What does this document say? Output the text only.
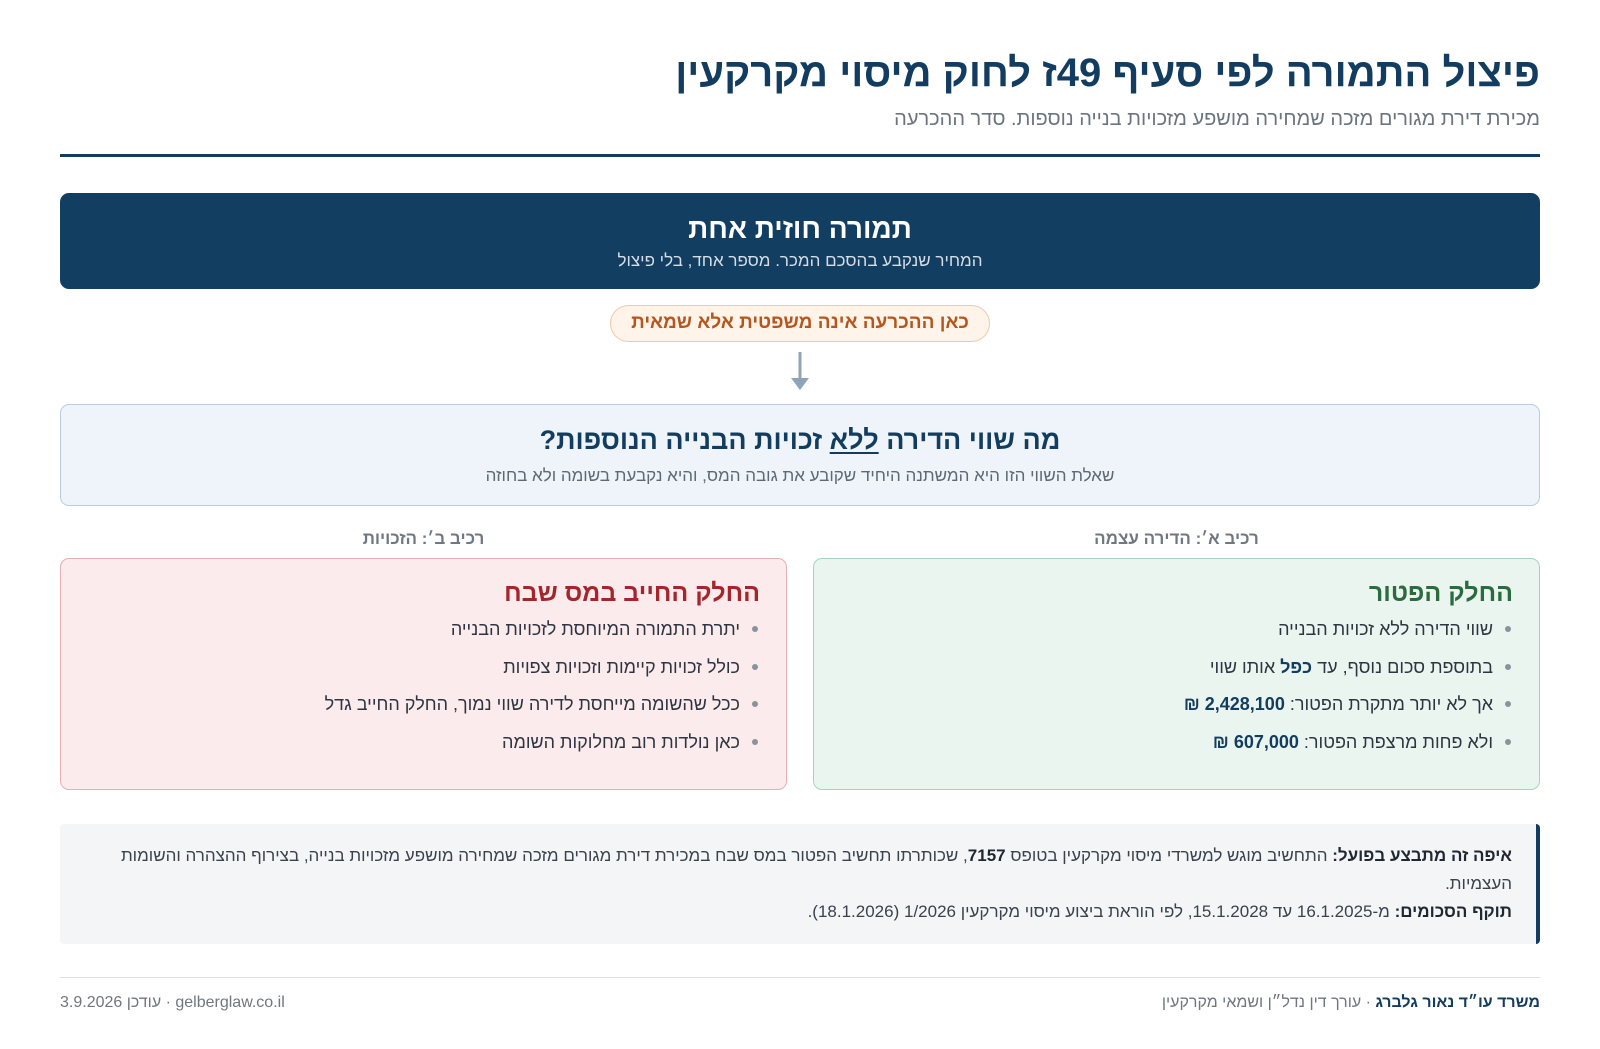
פיצול התמורה לפי סעיף 49ז לחוק מיסוי מקרקעין
מכירת דירת מגורים מזכה שמחירה מושפע מזכויות בנייה נוספות. סדר ההכרעה
תמורה חוזית אחת
המחיר שנקבע בהסכם המכר. מספר אחד, בלי פיצול
כאן ההכרעה אינה משפטית אלא שמאית
מה שווי הדירה ללא זכויות הבנייה הנוספות?
שאלת השווי הזו היא המשתנה היחיד שקובע את גובה המס, והיא נקבעת בשומה ולא בחוזה
רכיב א׳: הדירה עצמה
החלק הפטור
שווי הדירה ללא זכויות הבנייה
בתוספת סכום נוסף, עד כפל אותו שווי
אך לא יותר מתקרת הפטור: 2,428,100 ₪
ולא פחות מרצפת הפטור: 607,000 ₪
רכיב ב׳: הזכויות
החלק החייב במס שבח
יתרת התמורה המיוחסת לזכויות הבנייה
כולל זכויות קיימות וזכויות צפויות
ככל שהשומה מייחסת לדירה שווי נמוך, החלק החייב גדל
כאן נולדות רוב מחלוקות השומה

איפה זה מתבצע בפועל: התחשיב מוגש למשרדי מיסוי מקרקעין בטופס 7157, שכותרתו תחשיב הפטור במס שבח במכירת דירת מגורים מזכה שמחירה מושפע מזכויות בנייה, בצירוף ההצהרה והשומות העצמיות.

תוקף הסכומים: מ-16.1.2025 עד 15.1.2028, לפי הוראת ביצוע מיסוי מקרקעין 1/2026 (18.1.2026).

משרד עו״ד נאור גלברג · עורך דין נדל״ן ושמאי מקרקעין
gelberglaw.co.il · עודכן 3.9.2026
